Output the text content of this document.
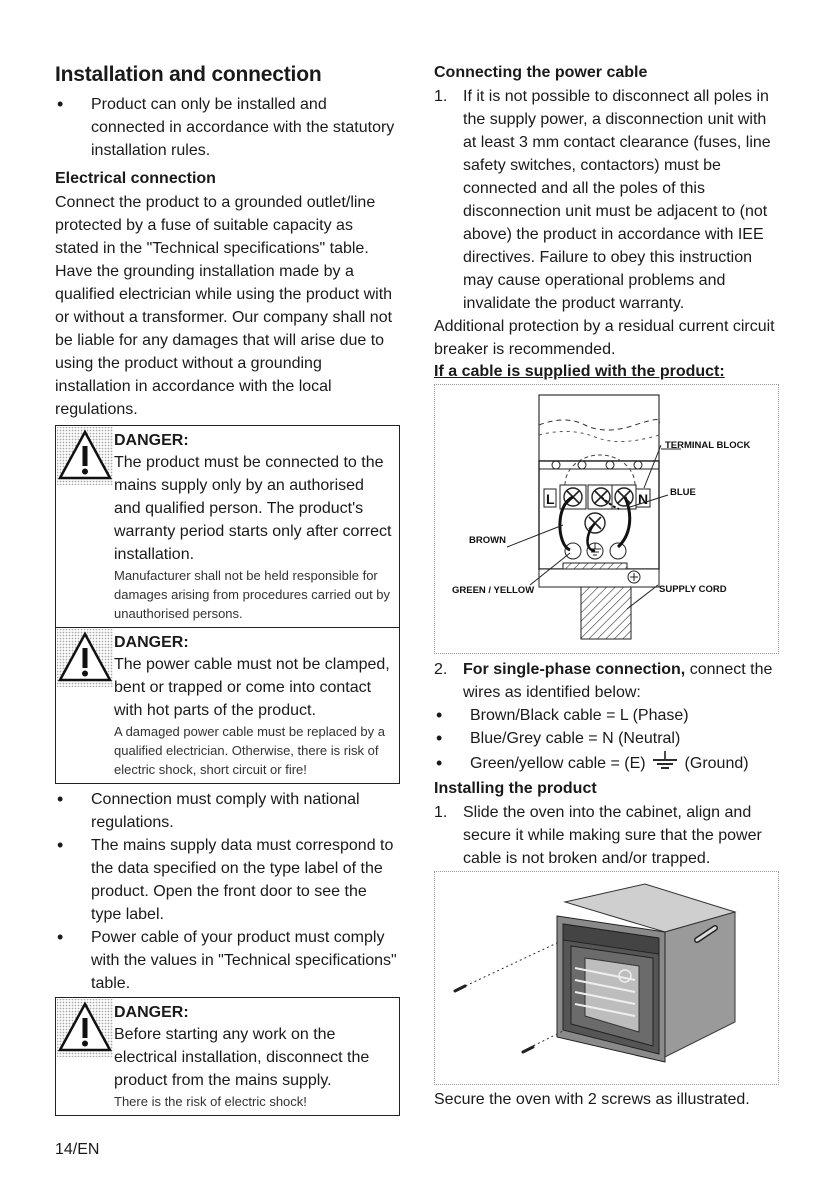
Installation and connection
• Product can only be installed and connected in accordance with the statutory installation rules.
Electrical connection

Connect the product to a grounded outlet/line protected by a fuse of suitable capacity as stated in the "Technical specifications" table. Have the grounding installation made by a qualified electrician while using the product with or without a transformer. Our company shall not be liable for any damages that will arise due to using the product without a grounding installation in accordance with the local regulations.

DANGER:
The product must be connected to the mains supply only by an authorised and qualified person. The product's warranty period starts only after correct installation.
Manufacturer shall not be held responsible for damages arising from procedures carried out by unauthorised persons.
DANGER:
The power cable must not be clamped, bent or trapped or come into contact with hot parts of the product.
A damaged power cable must be replaced by a qualified electrician. Otherwise, there is risk of electric shock, short circuit or fire!
• Connection must comply with national regulations.
• The mains supply data must correspond to the data specified on the type label of the product. Open the front door to see the type label.
• Power cable of your product must comply with the values in "Technical specifications" table.
DANGER:
Before starting any work on the electrical installation, disconnect the product from the mains supply.
There is the risk of electric shock!
Connecting the power cable
1. If it is not possible to disconnect all poles in the supply power, a disconnection unit with at least 3 mm contact clearance (fuses, line safety switches, contactors) must be connected and all the poles of this disconnection unit must be adjacent to (not above) the product in accordance with IEE directives. Failure to obey this instruction may cause operational problems and invalidate the product warranty.

Additional protection by a residual current circuit breaker is recommended.

If a cable is supplied with the product:
L	N
TERMINAL BLOCK
BLUE
BROWN
GREEN / YELLOW	SUPPLY CORD
2. For single-phase connection, connect the wires as identified below:
• Brown/Black cable = L (Phase)
• Blue/Grey cable = N (Neutral)
• Green/yellow cable = (E) (Ground)
Installing the product
1. Slide the oven into the cabinet, align and secure it while making sure that the power cable is not broken and/or trapped.

Secure the oven with 2 screws as illustrated.

14/EN
